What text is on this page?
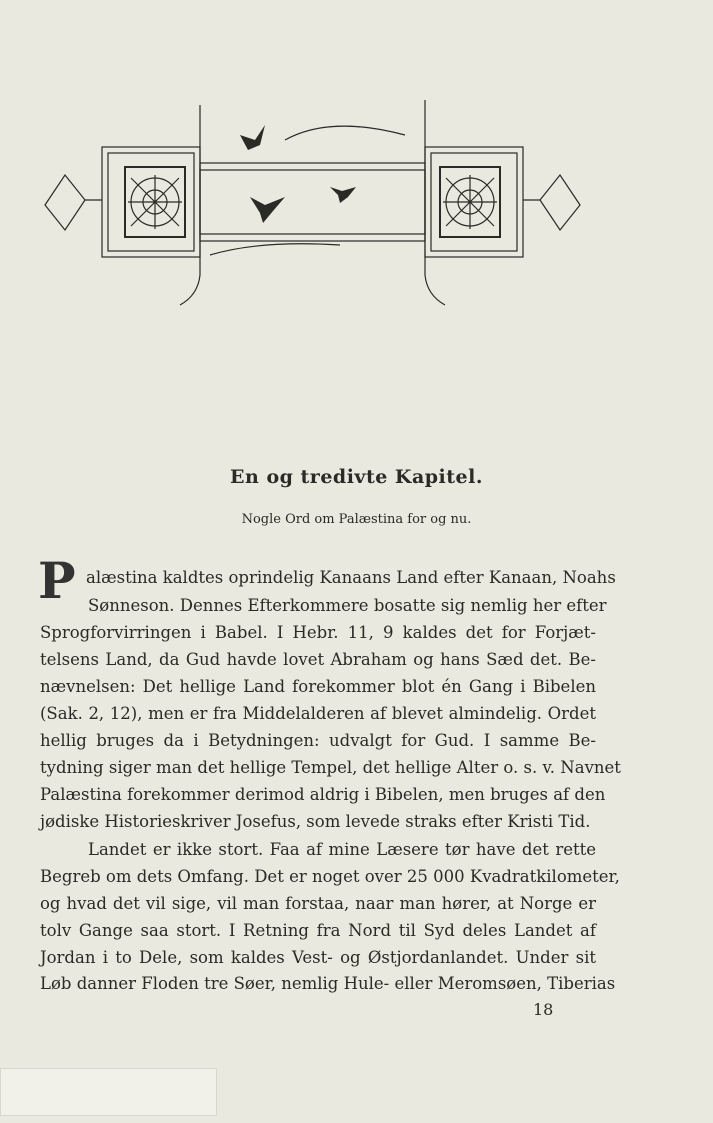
En og tredivte Kapitel.
Nogle Ord om Palæstina for og nu.
P alæstina kaldtes oprindelig Kanaans Land efter Kanaan, Noahs
Sønneson. Dennes Efterkommere bosatte sig nemlig her efter
Sprogforvirringen i Babel. I Hebr. 11, 9 kaldes det for Forjæt-
telsens Land, da Gud havde lovet Abraham og hans Sæd det. Be-
nævnelsen: Det hellige Land forekommer blot én Gang i Bibelen
(Sak. 2, 12), men er fra Middelalderen af blevet almindelig. Ordet
hellig bruges da i Betydningen: udvalgt for Gud. I samme Be-
tydning siger man det hellige Tempel, det hellige Alter o. s. v. Navnet
Palæstina forekommer derimod aldrig i Bibelen, men bruges af den
jødiske Historieskriver Josefus, som levede straks efter Kristi Tid.
Landet er ikke stort. Faa af mine Læsere tør have det rette
Begreb om dets Omfang. Det er noget over 25 000 Kvadratkilometer,
og hvad det vil sige, vil man forstaa, naar man hører, at Norge er
tolv Gange saa stort. I Retning fra Nord til Syd deles Landet af
Jordan i to Dele, som kaldes Vest- og Østjordanlandet. Under sit
Løb danner Floden tre Søer, nemlig Hule- eller Meromsøen, Tiberias
18
